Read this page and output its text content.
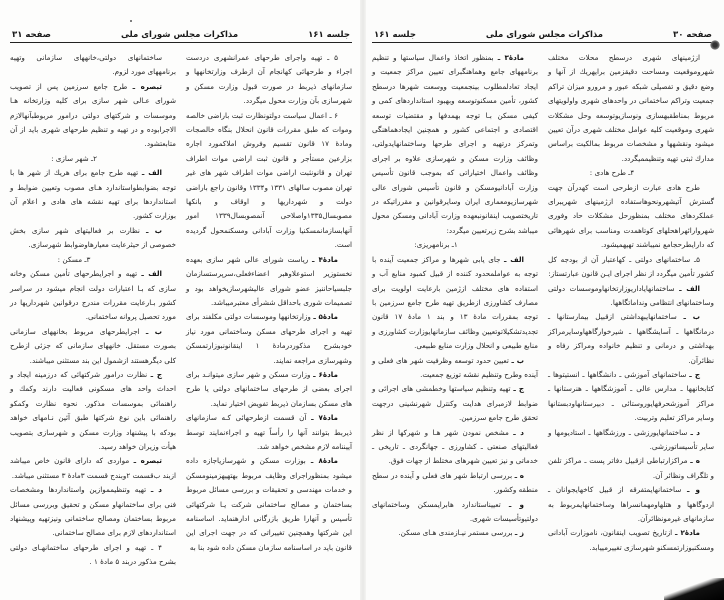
جلسه ۱۶۱
مذاکرات مجلس شورای ملی
صفحه ۳۱

۵ ـ تهیه واجرای طرحهای عمرانشهری دردست اجراء و طرحهائی کهانجام آن ازطرف وزارتخانهها و سازمانهای ذیربط در صورت قبول وزارت مسکن و شهرسازی بآن وزارت محول میگردد.

۶ ـ اعمال سیاست دولتونظارت ثبت باراضی خالصه وموات که طبق مقررات قانون انحلال بنگاه خالصجات ومادهٔ ۱۷ قانون تقسیم وفروش املاکمورد اجاره بزارعین مستأجر و قانون ثبت اراضی موات اطراف تهران و قانونثبت اراضی موات اطراف شهر های غیر تهران مصوب سالهای ۱۳۳۱ و۱۳۳۴ وقانون راجع باراضی دولت و شهرداریها و اوقاف و بانکها مصوبسال۱۳۳۵واصلاحی آنمصوبسال۱۳۳۹ امور آنهابسازمانمسکنیا وزارت آبادانی ومسکنمحول گردیده است.

مادهٔ۴ ـ ریاست شورای عالی شهر سازی بعهده نخستوزیر استوعلاوهبر اعضاءفعلی،سرپرستسازمان جلبسیاحاننیز عضو شورای عالیشهرسازیخواهد بود و تصمیمات شوری باحداقل ششرأی معتبرمیباشد.

مادهٔ۵ ـ وزارتخانهها وموسسات دولتی مکلفند برای تهیه و اجرای طرحهای مسکن وساختمانی مورد نیاز خودبشرح مذکوردرمادهٔ ۱ اینقانونبوزارتمسکن وشهرسازی مراجعه نمایند.

مادهٔ۶ ـ وزارت مسکن و شهر سازی میتوانـد برای اجرای بعضی از طرحهای ساختمانهای دولتی یا طرح های مسکن بسازمان ذیربط تفویض اختیار نماید.

مادهٔ۷ ـ آن قسمت ازطرحهائی کـه سازمانهای ذیربط بتوانند آنها را رأساً تهیه و اجراءنمایند توسط آییننامه لازم مشخص خواهد شد.

مادهٔ۸ ـ بوزارت مسکن و شهرسازیاجازه داده میشود بمنظوراجرای وظایف مربوط بهتهیهزمینومسکن و خدمات مهندسی و تحقیقات و بررسی مسائل مربوط بساختمان و مصالح ساختمانی شرکت یـا شرکتهائی تأسیس و آنهارا طریق بازرگانی ادارهنماید. اساسنامه این شرکتها وهمچنین تغییراتی که در جهت اجرای این قانون باید در اساسنامه سازمان مسکن داده شود بنا به

ساختمانهای دولتی،خانههای سازمانی وتهیه برنامههای مورد لزوم.

تبصره ـ طرح جامع سرزمین پس از تصویب شورای عـالی شهر سازی برای کلیه وزارتخانه هـا وموسسات و شرکتهای دولتی درامور مربوطبآنهالازم الاجرابوده و در تهیه و تنظیم طرحهای شهری باید از آن متابعتشود.

۲ـ شهر سازی :

الف ـ تهیه طرح جامع برای هریك از شهر ها با توجه بضوابطواستاندارد هـای مصوب وتعیین ضوابط و استانداردها برای تهیه نقشه های هادی و اعلام آن بوزارت کشور.

ب ـ نظارت بر فعالیتهای شهر سازی بخش خصوصی از حیثرعایت معیارهاوضوابط شهرسازی.

۳ـ مسکن :

الف ـ تهیه و اجرایطرحهای تأمین مسکن وخانه سازی که بـا اعتبارات دولت انجام میشود در سراسر کشور بـارعایت مقررات مندرج درقوانین شهرداریها در مورد تحصیل پروانه ساختمانی.

ب ـ اجرایطرحهای مربوط بخانههای سازمانی بصورت مستقل. خانههای سازمانی که جزئی ازطرح کلی دیگرهستند ازشمول این بند مستثنی میباشند.

ج ـ نظارت درامور شرکتهائی که درزمینه ایجاد و احداث واحد های مسکونی فعالیت دارند وکمك و راهنمائی بموسسات مذکور. نحوه نظارت وکمكو راهنمائی باین نوع شرکتها طبق آئین نـامهای خواهد بودکه با پیشنهاد وزارت مسکن و شهرسازی بتصویب هیأت وزیران خواهد رسید.

تبصره ـ مواردی که دارای قانون خاص میباشد ازبند ب‌قسمت ۲وبندج قسمت ۳مادهٔ ۳ مستثنی میباشد.

د ـ تهیه وتنظیمموازین واستانداردها ومشخصات فنی برای ساختمانهاو مسکن و تحقیق وبررسی مسائل مربوط بساختمان ومصالح ساختمانی ونیزتهیه وپیشنهاد استانداردهای لازم برای مصالح ساختمانی.

۴ ـ تهیه و اجرای طرحهای ساختمانهـای دولتی بشرح مذکور دربند ۵ مادهٔ ۱ .

صفحه ۳۰
مذاکرات مجلس شورای ملی
جلسه ۱۶۱

ازژمینهای شهری درسطح محلات مختلف شهروموقعیت ومساحت دقیقزمین برایهریك از آنها و وضع دقیق و تفصیلی شبکه عبور و مرورو میزان تراکم جمعیت وتراکم ساختمانی در واحدهای شهری واولویتهای مربوط بمناطقبهسازی ونوسازیوتوسعه وحل مشکلات شهری وموقعیت کلیه عوامل مختلف شهری درآن تعیین میشود ونقشهها و مشخصات مربوط بمالکیت براساس مدارك ثبتی تهیه وتنظیممیگردد.

۴ـ طرح هادی :

طرح هادی عبارت ازطرحی است کهدرآن جهت گسترش آتیشهرونحوهاستفاده ازژمینهای شهریبرای عملکردهای مختلف بمنظورحل مشکلات حاد وفوری شهروارائهراهحلهای کوتاهمدت ومناسب برای شهرهائی که دارایطرحجامع نمیباشند تهیهمیشود.

۵ـ ساختمانهای دولتی ـ کهاعتبار آن از بودجه کل کشور تأمین میگردد از نظر اجرای ایـن قانون عبارتستاز:

الف ـ ساختمانهایاداریوزارتخانهاوموسسات دولتی وساختمانهای انتظامی ونداماتگاهها.

ب ـ ساختمانهایبهداشتی ازقبیل بیمارستانها ـ درمانگاهها ـ آسایشگاهها ـ شیرخوارگاههاوسایرمراکز بهداشتی و درمانی و تنظیم خانواده ومراکز رفاه و نظائرآن.

ج ـ ساختمانهای آموزشی ـ دانشگاهها ـ انستیتوها ـ کتابخانهها ـ مدارس عالی ـ آموزشگاهها ـ هنرستانها ـ مراکز آموزشحرفهایوروستائی ـ دبیرستانهاودبستانها وسایر مراکز تعلیم وتربیت.

د ـ ساختمانهایورزشی ـ ورزشگاهها ـ استادیومها و سایر تأسیساتورزشی.

ه ـ مراکزارتباطی ازقبیل دفاتر پست ـ مراکز تلفن و تلگراف ونظائر آن.

و ـ ساختمانهایمتفرقه از قبیل کاخهایجوانان ـ اردوگاهها و هتلهاومهمانسراها وساختمانهایمربوط به سازمانهای غیرمونظائرآن.

مادهٔ۲ ـ ازتاریخ تصویب اینقانون، ناموزارت آبادانی ومسکنبوزارتمسکنو شهرسازی تغییرمییابد.

مادهٔ۳ ـ بمنظور اتخاذ واعمال سیاستها و تنظیم برنامههای جامع وهماهنگبرای تعیین مراکز جمعیت و ایجاد تعادلمطلوب بینجمعیت ووسعت شهرها درسطح کشور، تأمین مسکنوتوسعه وبهبود استانداردهای کمی و کیفی مسکن بـا توجه بهمدفها و مقتضیات توسعه اقتصادی و اجتماعی کشور و همچنین ایجادهماهنگی وتمرکز درتهیه و اجرای طرحها وساختمانهایدولتی، وظائف وزارت مسکن و شهرسازی علاوه بر اجرای وظائف واعمال اختیاراتی که بموجب قانون تأسیس وزارت آبادانیومسکن و قانون تأسیس شورای عالی شهرسازیومعماری ایران وسایرقوانین و مقرراتیکه در تاریختصویب اینقانونبعهده وزارت آبادانی ومسکن محول میباشد بشرح زیرتعیین میگردد:

۱ـ برنامهریزی:

الف ـ جای یابی شهرها و مراکز جمعیت آینده با توجه به عواملمحدود کننده از قبیل کمبود منابع آب و استفاده های مختلف ازژمین بارعایت اولویت برای مصارف کشاورزی ازطریق تهیه طرح جامع سرزمین با توجه بمقررات مادهٔ ۱۳ و بند ۱ مادهٔ ۱۷ قانون تجدیدتشکیلاتوتعیین وظائف سازمانهایوزارت کشاورزی و منابع طبیعی و انحلال وزارت منابع طبیعی.

ب ـ تعیین حدود توسعه وظرفیت شهر های فعلی و آینده وطرح وتنظیم نقشه توزیع جمعیت.

ج ـ تهیه وتنظیم سیاستها وخطمشی های اجرائی و ضوابط لازمبرای هدایت وکنترل شهرنشینی درجهت تحقق طرح جامع سرزمین.

د ـ مشخص نمودن شهر هـا و شهرکها از نظر فعالیتهای صنعتی ـ کشاورزی ـ جهانگردی ـ تاریخی ـ خدماتی و نیز تعیین شهرهای مختلط از جهات فوق.

ه ـ بررسی ارتباط شهر های فعلی و آینده در سطح منطقه وکشور.

و ـ تعییناستاندارد هابرایمسکن وساختمانهای دولتیوتأسیسات شهری.

ز ـ بررسی مستمر نیـازمندی هـای مسکن.
